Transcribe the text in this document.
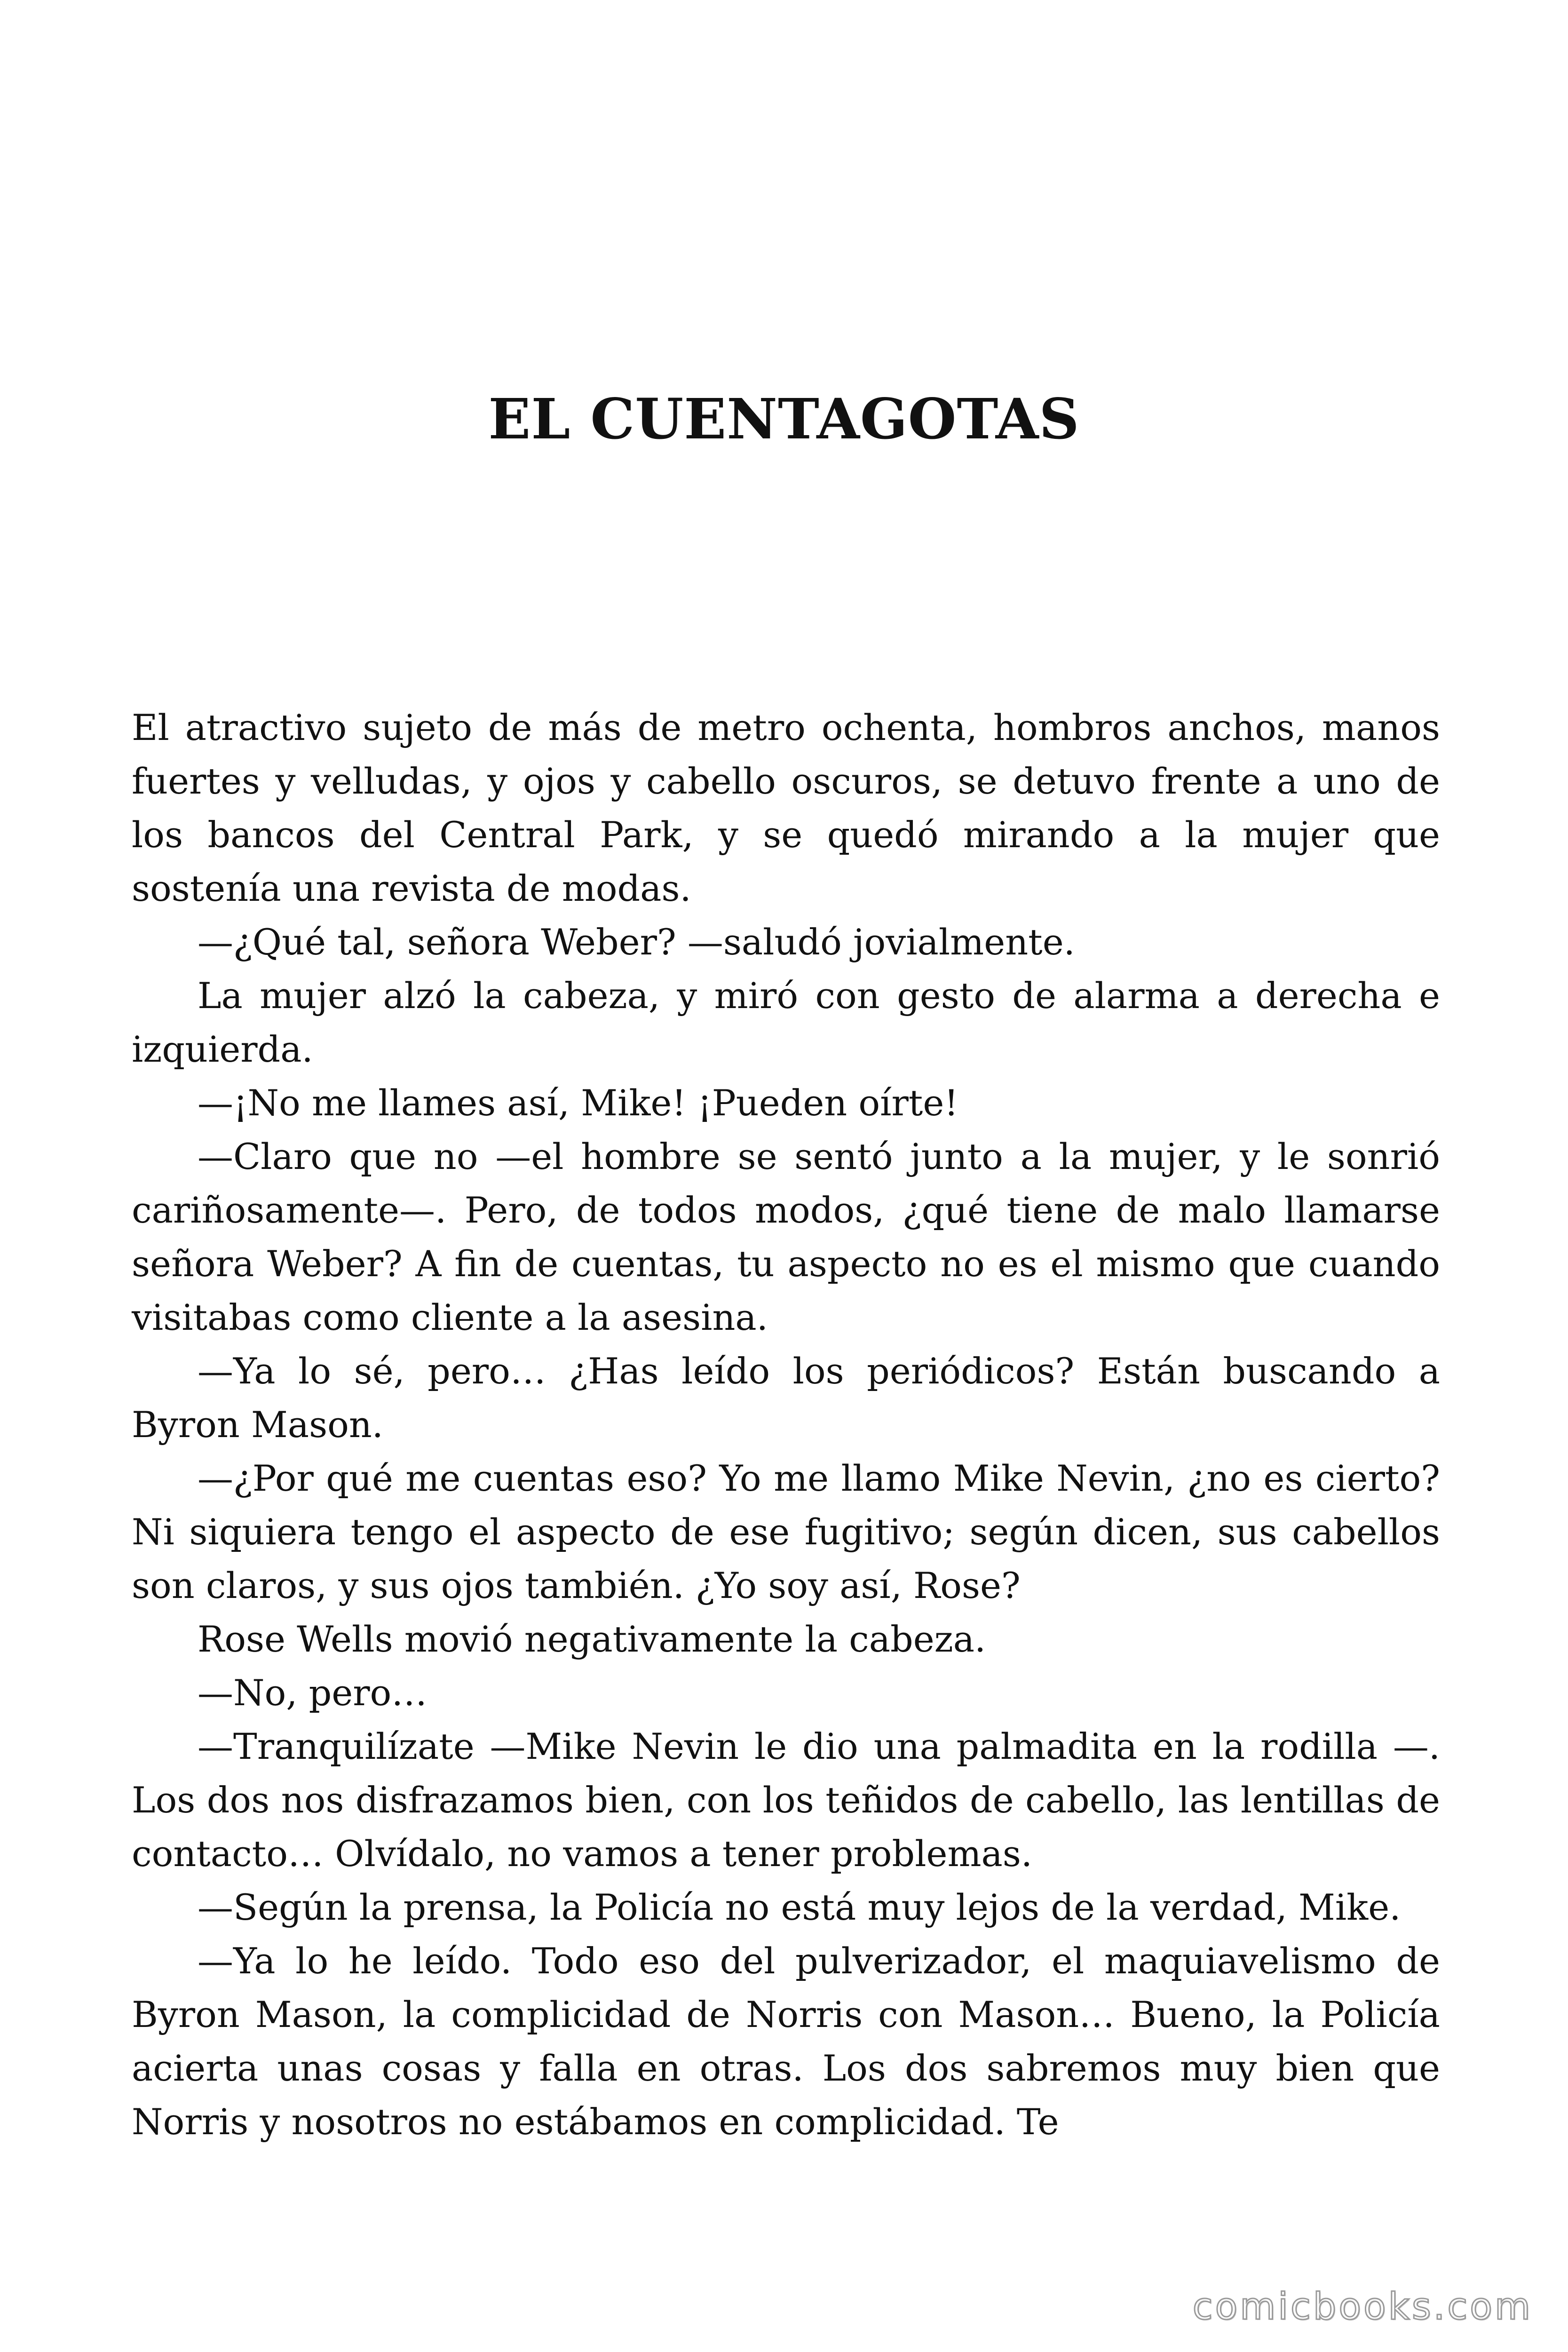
EL CUENTAGOTAS

El atractivo sujeto de más de metro ochenta, hombros anchos, manos fuertes y velludas, y ojos y cabello oscuros, se detuvo frente a uno de los bancos del Central Park, y se quedó mirando a la mujer que sostenía una revista de modas.

—¿Qué tal, señora Weber? —saludó jovialmente.

La mujer alzó la cabeza, y miró con gesto de alarma a derecha e izquierda.

—¡No me llames así, Mike! ¡Pueden oírte!

—Claro que no —el hombre se sentó junto a la mujer, y le sonrió cariñosamente—. Pero, de todos modos, ¿qué tiene de malo llamarse señora Weber? A fin de cuentas, tu aspecto no es el mismo que cuando visitabas como cliente a la asesina.

—Ya lo sé, pero… ¿Has leído los periódicos? Están buscando a Byron Mason.

—¿Por qué me cuentas eso? Yo me llamo Mike Nevin, ¿no es cierto? Ni siquiera tengo el aspecto de ese fugitivo; según dicen, sus cabellos son claros, y sus ojos también. ¿Yo soy así, Rose?

Rose Wells movió negativamente la cabeza.

—No, pero…

—Tranquilízate —Mike Nevin le dio una palmadita en la rodilla —. Los dos nos disfrazamos bien, con los teñidos de cabello, las lentillas de contacto… Olvídalo, no vamos a tener problemas.

—Según la prensa, la Policía no está muy lejos de la verdad, Mike.

—Ya lo he leído. Todo eso del pulverizador, el maquiavelismo de Byron Mason, la complicidad de Norris con Mason… Bueno, la Policía acierta unas cosas y falla en otras. Los dos sabremos muy bien que Norris y nosotros no estábamos en complicidad. Te

comicbooks.com
